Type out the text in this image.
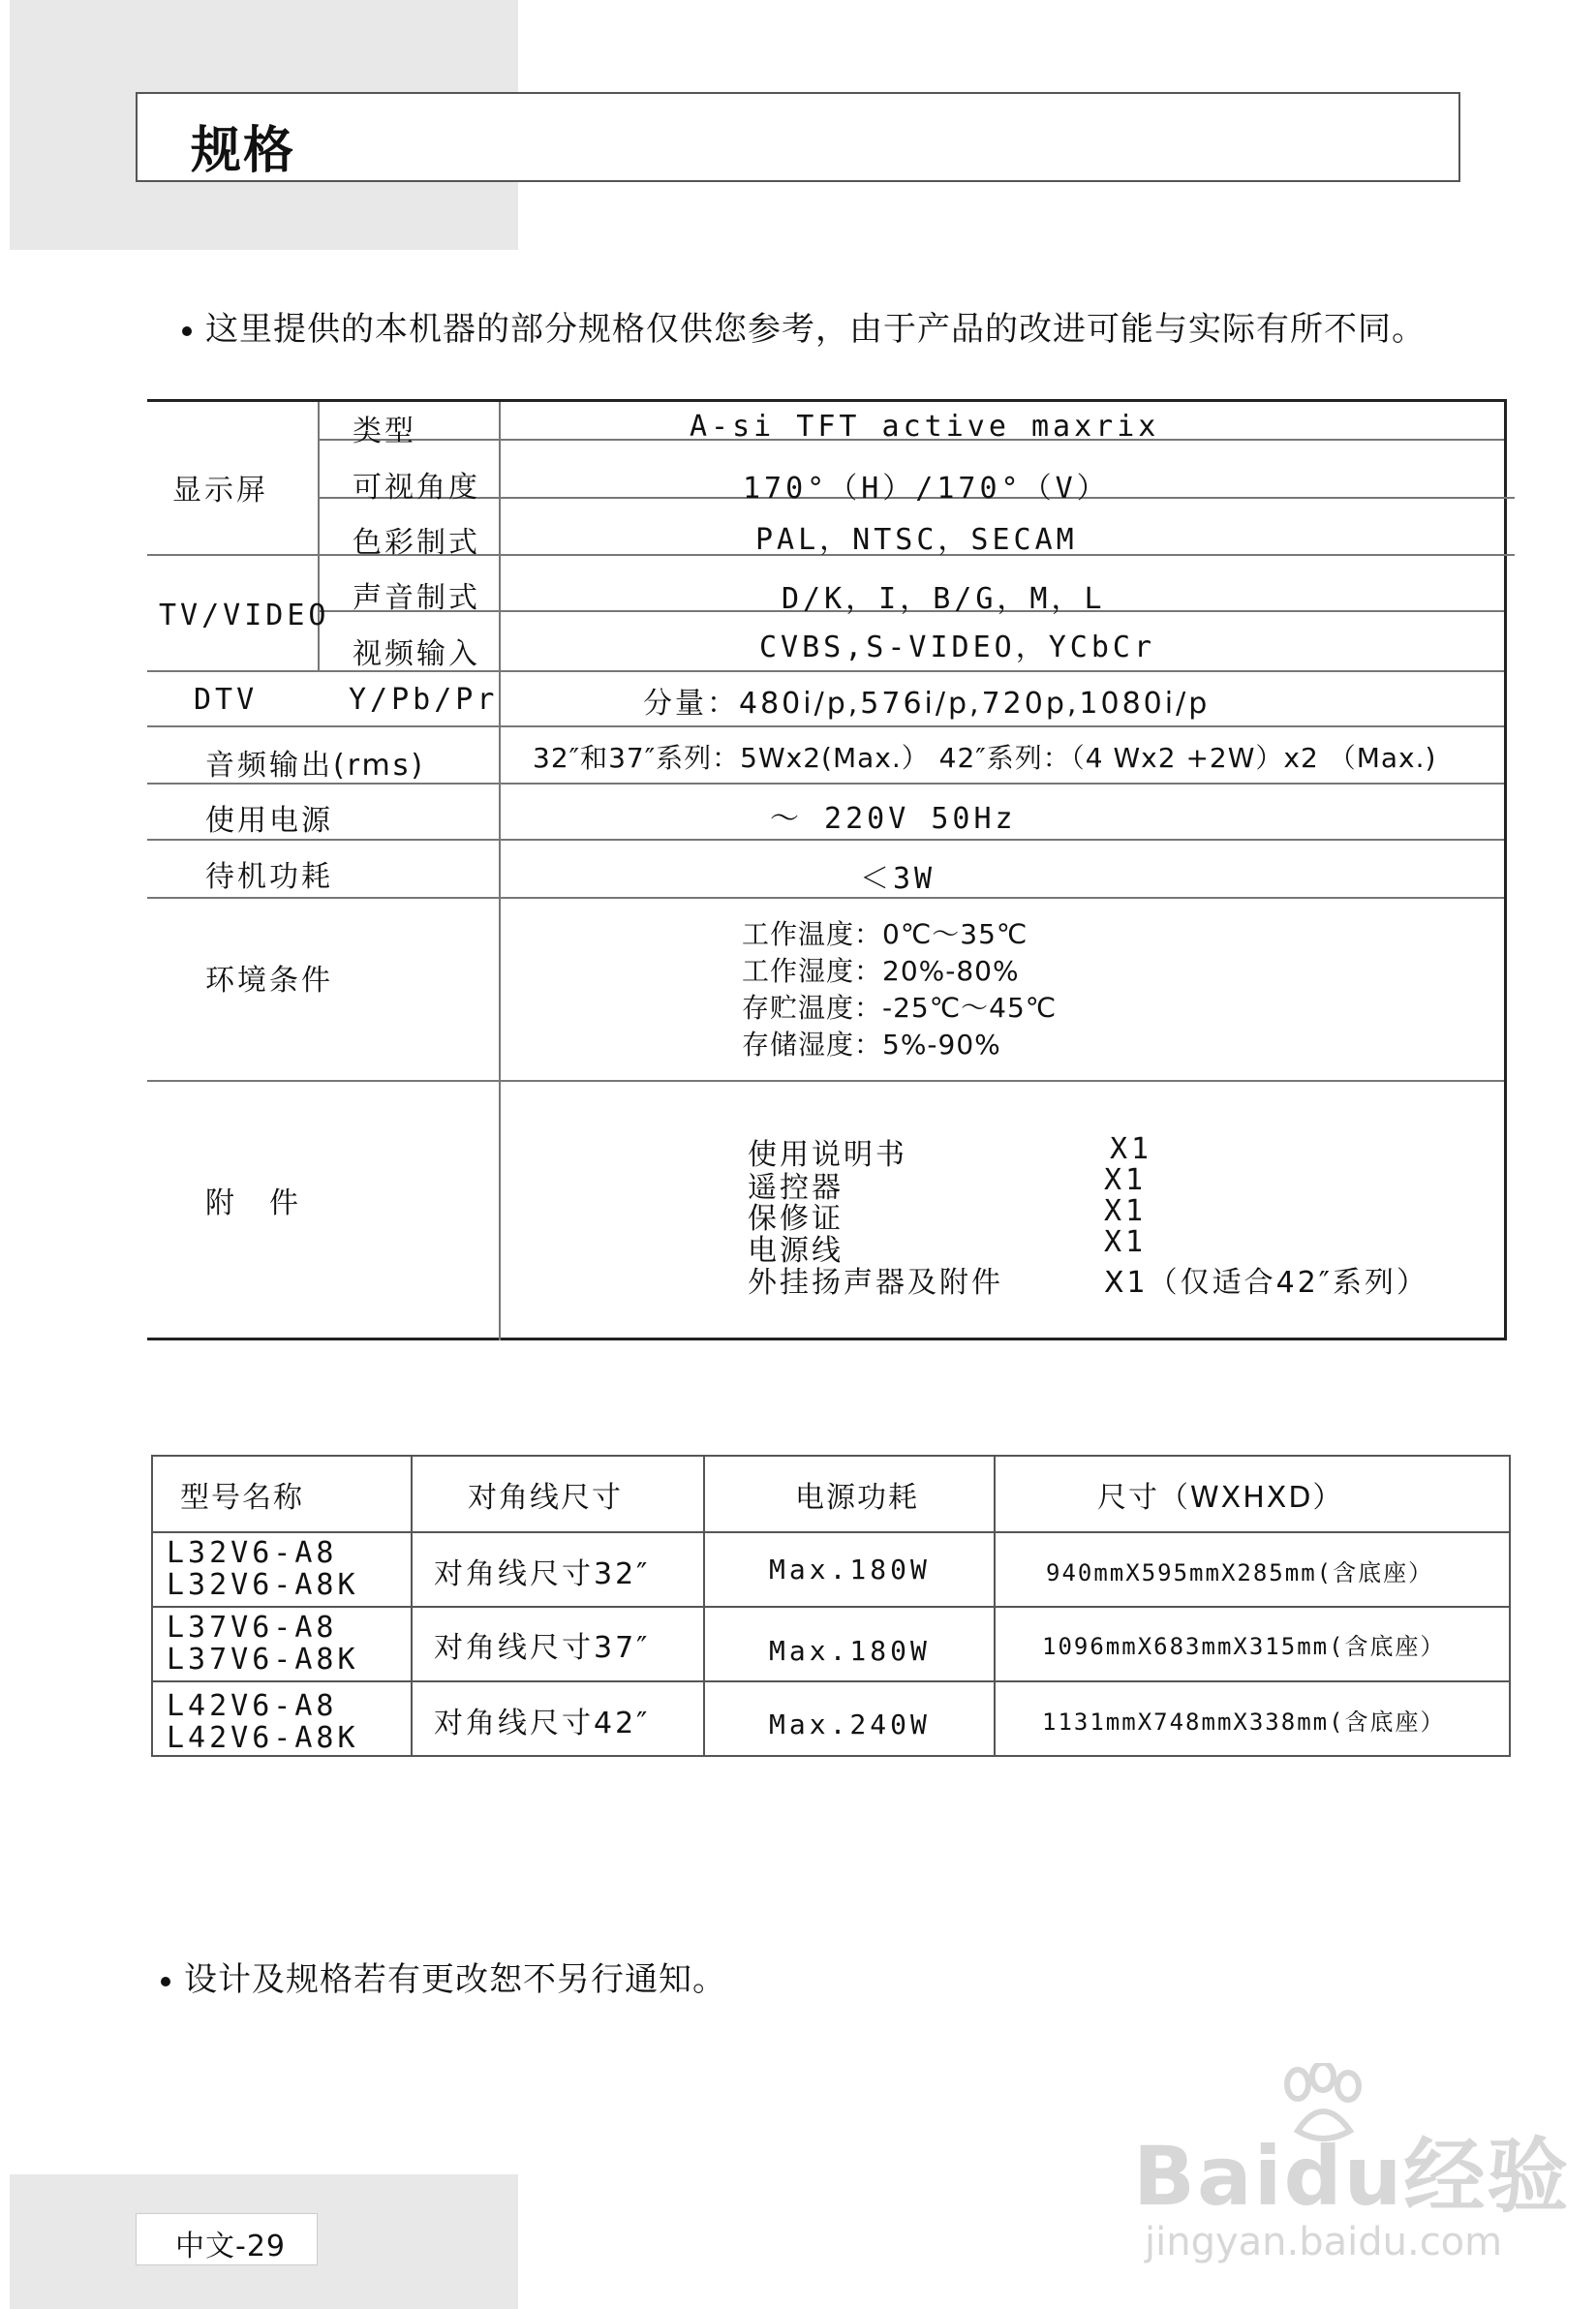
规格
这里提供的本机器的部分规格仅供您参考，由于产品的改进可能与实际有所不同。
显示屏
类型	A-si TFT active maxrix
可视角度	170°（H）/170°（V）
色彩制式	PAL，NTSC，SECAM
TV/VIDEO
声音制式	D/K，I，B/G，M，L
视频输入	CVBS,S-VIDEO，YCbCr
DTV	Y/Pb/Pr	分量：480i/p,576i/p,720p,1080i/p
音频输出(rms)	32″和37″系列：5Wx2(Max.） 42″系列：（4 Wx2 +2W）x2 （Max.)
使用电源	～ 220V 50Hz
待机功耗	＜3W
环境条件
工作温度：0℃～35℃
工作湿度：20%-80%
存贮温度：-25℃～45℃
存储湿度：5%-90%
附　件
使用说明书	X1
遥控器	X1
保修证	X1
电源线	X1
外挂扬声器及附件	X1（仅适合42″系列）
型号名称	对角线尺寸	电源功耗	尺寸（WXHXD）
L32V6-A8
L32V6-A8K	对角线尺寸32″	Max.180W	940mmX595mmX285mm(含底座）
L37V6-A8
L37V6-A8K	对角线尺寸37″	Max.180W	1096mmX683mmX315mm(含底座）
L42V6-A8
L42V6-A8K	对角线尺寸42″	Max.240W	1131mmX748mmX338mm(含底座）
设计及规格若有更改恕不另行通知。
中文-29
Baidu经验
jingyan.baidu.com
